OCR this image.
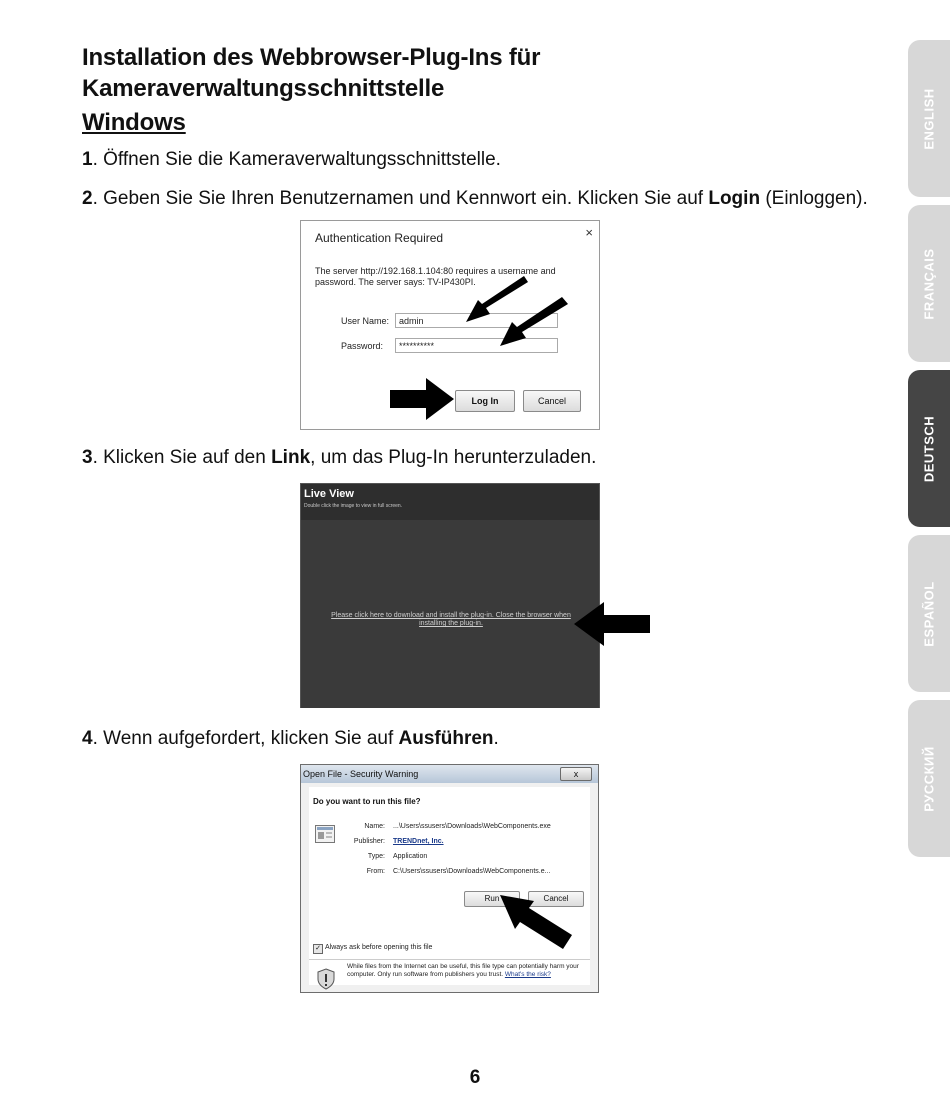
Installation des Webbrowser-Plug-Ins für
Kameraverwaltungsschnittstelle
Windows
1. Öffnen Sie die Kameraverwaltungsschnittstelle.
2. Geben Sie Sie Ihren Benutzernamen und Kennwort ein. Klicken Sie auf Login (Einloggen).
Authentication Required	×
The server http://192.168.1.104:80 requires a username and password. The server says: TV-IP430PI.
User Name:	admin
Password:	**********
Log In	Cancel
3. Klicken Sie auf den Link, um das Plug-In herunterzuladen.
Live View
Double click the image to view in full screen.
Please click here to download and install the plug-in. Close the browser when installing the plug-in.
4. Wenn aufgefordert, klicken Sie auf Ausführen.
Open File - Security Warning	x
Do you want to run this file?
Name: ...\Users\ssusers\Downloads\WebComponents.exe
Publisher: TRENDnet, Inc.
Type: Application
From: C:\Users\ssusers\Downloads\WebComponents.e...
Run	Cancel
✓ Always ask before opening this file
While files from the Internet can be useful, this file type can potentially harm your computer. Only run software from publishers you trust. What's the risk?
ENGLISH
FRANÇAIS
DEUTSCH
ESPAÑOL
РУССКИЙ
6
